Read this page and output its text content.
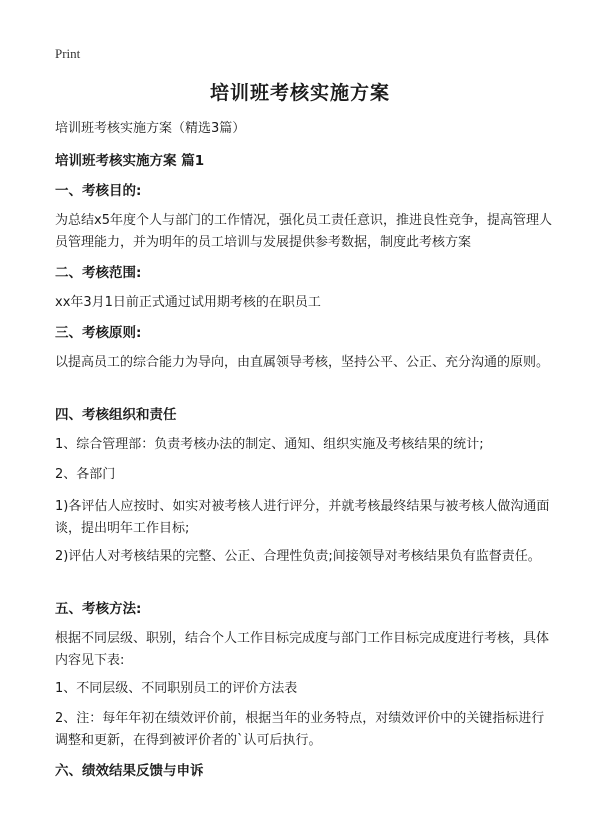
Print
培训班考核实施方案
培训班考核实施方案（精选3篇）
培训班考核实施方案 篇1
一、考核目的:
为总结x5年度个人与部门的工作情况，强化员工责任意识，推进良性竞争，提高管理人员管理能力，并为明年的员工培训与发展提供参考数据，制度此考核方案
二、考核范围:
xx年3月1日前正式通过试用期考核的在职员工
三、考核原则:
以提高员工的综合能力为导向，由直属领导考核，坚持公平、公正、充分沟通的原则。
四、考核组织和责任
1、综合管理部：负责考核办法的制定、通知、组织实施及考核结果的统计;
2、各部门
1)各评估人应按时、如实对被考核人进行评分，并就考核最终结果与被考核人做沟通面谈，提出明年工作目标;
2)评估人对考核结果的完整、公正、合理性负责;间接领导对考核结果负有监督责任。
五、考核方法:
根据不同层级、职别，结合个人工作目标完成度与部门工作目标完成度进行考核，具体内容见下表:
1、不同层级、不同职别员工的评价方法表
2、注：每年年初在绩效评价前，根据当年的业务特点，对绩效评价中的关键指标进行调整和更新，在得到被评价者的`认可后执行。
六、绩效结果反馈与申诉
